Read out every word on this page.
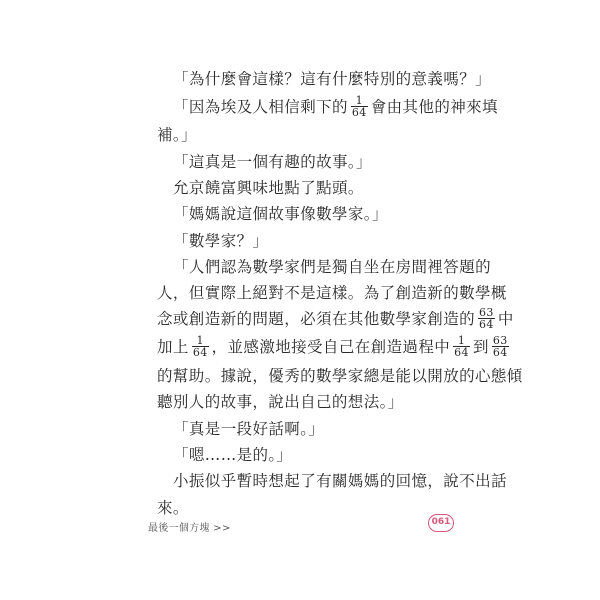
「為什麼會這樣？這有什麼特別的意義嗎？」
「因為埃及人相信剩下的 $\frac{1}{64}$ 會由其他的神來填
補。」
「這真是一個有趣的故事。」
允京饒富興味地點了點頭。
「媽媽說這個故事像數學家。」
「數學家？」
「人們認為數學家們是獨自坐在房間裡答題的
人，但實際上絕對不是這樣。為了創造新的數學概
念或創造新的問題，必須在其他數學家創造的 $\frac{63}{64}$ 中
加上 $\frac{1}{64}$ ，並感激地接受自己在創造過程中 $\frac{1}{64}$ 到 $\frac{63}{64}$
的幫助。據說，優秀的數學家總是能以開放的心態傾
聽別人的故事，說出自己的想法。」
「真是一段好話啊。」
「嗯……是的。」
小振似乎暫時想起了有關媽媽的回憶，說不出話
來。
最後一個方塊 >>
061
